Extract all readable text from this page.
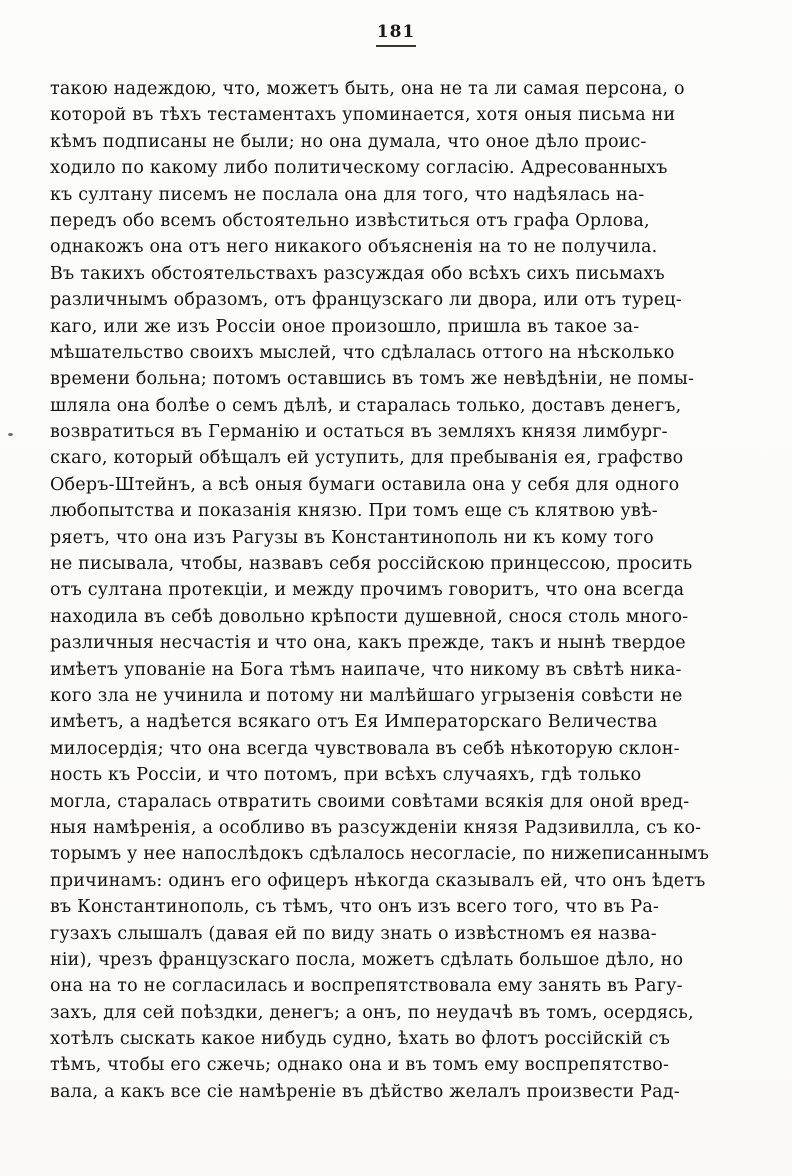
181
такою надеждою, что, можетъ быть, она не та ли самая персона, о
которой въ тѣхъ тестаментахъ упоминается, хотя оныя письма ни
кѣмъ подписаны не были; но она думала, что оное дѣло проис-
ходило по какому либо политическому согласію. Адресованныхъ
къ султану писемъ не послала она для того, что надѣялась на-
передъ обо всемъ обстоятельно извѣститься отъ графа Орлова,
однакожъ она отъ него никакого объясненія на то не получила.
Въ такихъ обстоятельствахъ разсуждая обо всѣхъ сихъ письмахъ
различнымъ образомъ, отъ французскаго ли двора, или отъ турец-
каго, или же изъ Россіи оное произошло, пришла въ такое за-
мѣшательство своихъ мыслей, что сдѣлалась оттого на нѣсколько
времени больна; потомъ оставшись въ томъ же невѣдѣніи, не помы-
шляла она болѣе о семъ дѣлѣ, и старалась только, доставъ денегъ,
возвратиться въ Германію и остаться въ земляхъ князя лимбург-
скаго, который обѣщалъ ей уступить, для пребыванія ея, графство
Оберъ-Штейнъ, а всѣ оныя бумаги оставила она у себя для одного
любопытства и показанія князю. При томъ еще съ клятвою увѣ-
ряетъ, что она изъ Рагузы въ Константинополь ни къ кому того
не писывала, чтобы, назвавъ себя россійскою принцессою, просить
отъ султана протекціи, и между прочимъ говоритъ, что она всегда
находила въ себѣ довольно крѣпости душевной, снося столь много-
различныя несчастія и что она, какъ прежде, такъ и нынѣ твердое
имѣетъ упованіе на Бога тѣмъ наипаче, что никому въ свѣтѣ ника-
кого зла не учинила и потому ни малѣйшаго угрызенія совѣсти не
имѣетъ, а надѣется всякаго отъ Ея Императорскаго Величества
милосердія; что она всегда чувствовала въ себѣ нѣкоторую склон-
ность къ Россіи, и что потомъ, при всѣхъ случаяхъ, гдѣ только
могла, старалась отвратить своими совѣтами всякія для оной вред-
ныя намѣренія, а особливо въ разсужденіи князя Радзивилла, съ ко-
торымъ у нее напослѣдокъ сдѣлалось несогласіе, по нижеписаннымъ
причинамъ: одинъ его офицеръ нѣкогда сказывалъ ей, что онъ ѣдетъ
въ Константинополь, съ тѣмъ, что онъ изъ всего того, что въ Ра-
гузахъ слышалъ (давая ей по виду знать о извѣстномъ ея назва-
ніи), чрезъ французскаго посла, можетъ сдѣлать большое дѣло, но
она на то не согласилась и воспрепятствовала ему занять въ Рагу-
захъ, для сей поѣздки, денегъ; а онъ, по неудачѣ въ томъ, осердясь,
хотѣлъ сыскать какое нибудь судно, ѣхать во флотъ россійскій съ
тѣмъ, чтобы его сжечь; однако она и въ томъ ему воспрепятство-
вала, а какъ все сіе намѣреніе въ дѣйство желалъ произвести Рад-
